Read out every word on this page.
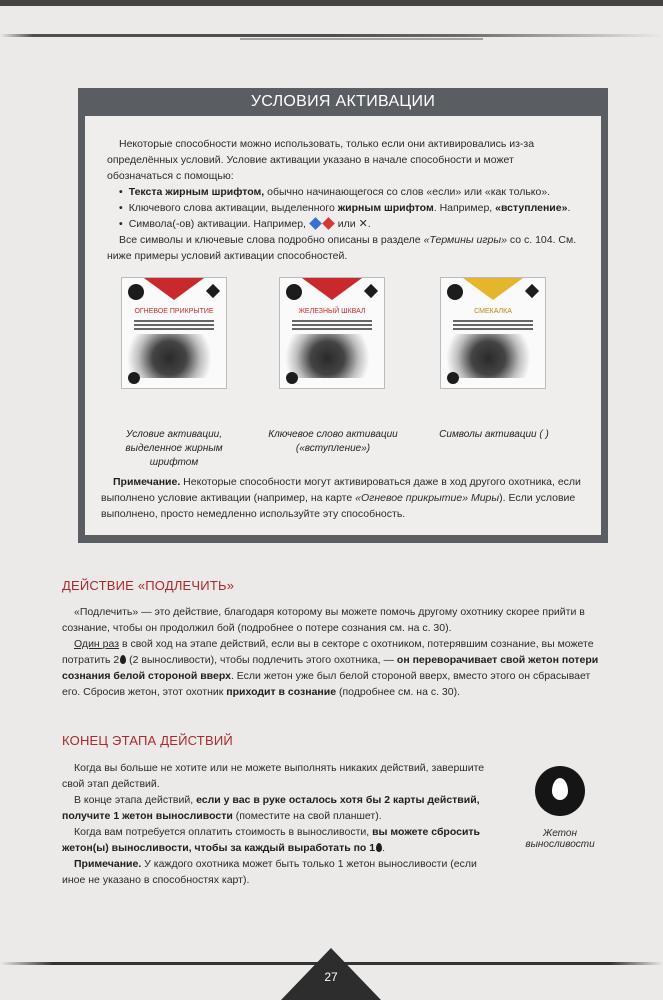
УСЛОВИЯ АКТИВАЦИИ

Некоторые способности можно использовать, только если они активировались из-за определённых условий. Условие активации указано в начале способности и может обозначаться с помощью:

• Текста жирным шрифтом, обычно начинающегося со слов «если» или «как только».
• Ключевого слова активации, выделенного жирным шрифтом. Например, «вступление».
• Символа(-ов) активации. Например,  или ✕.

Все символы и ключевые слова подробно описаны в разделе «Термины игры» со с. 104. См. ниже примеры условий активации способностей.

ОГНЕВОЕ ПРИКРЫТИЕ	ЖЕЛЕЗНЫЙ ШКВАЛ	СМЕКАЛКА
Условие активации, выделенное жирным шрифтом
Ключевое слово активации («вступление»)
Символы активации ( )

Примечание. Некоторые способности могут активироваться даже в ход другого охотника, если выполнено условие активации (например, на карте «Огневое прикрытие» Миры). Если условие выполнено, просто немедленно используйте эту способность.

ДЕЙСТВИЕ «ПОДЛЕЧИТЬ»

«Подлечить» — это действие, благодаря которому вы можете помочь другому охотнику скорее прийти в сознание, чтобы он продолжил бой (подробнее о потере сознания см. на с. 30).

Один раз в свой ход на этапе действий, если вы в секторе с охотником, потерявшим сознание, вы можете потратить 2 (2 выносливости), чтобы подлечить этого охотника, — он переворачивает свой жетон потери сознания белой стороной вверх. Если жетон уже был белой стороной вверх, вместо этого он сбрасывает его. Сбросив жетон, этот охотник приходит в сознание (подробнее см. на с. 30).

КОНЕЦ ЭТАПА ДЕЙСТВИЙ

Когда вы больше не хотите или не можете выполнять никаких действий, завершите свой этап действий.

В конце этапа действий, если у вас в руке осталось хотя бы 2 карты действий, получите 1 жетон выносливости (поместите на свой планшет).

Когда вам потребуется оплатить стоимость в выносливости, вы можете сбросить жетон(ы) выносливости, чтобы за каждый выработать по 1 .

Примечание. У каждого охотника может быть только 1 жетон выносливости (если иное не указано в способностях карт).

Жетон выносливости
27
